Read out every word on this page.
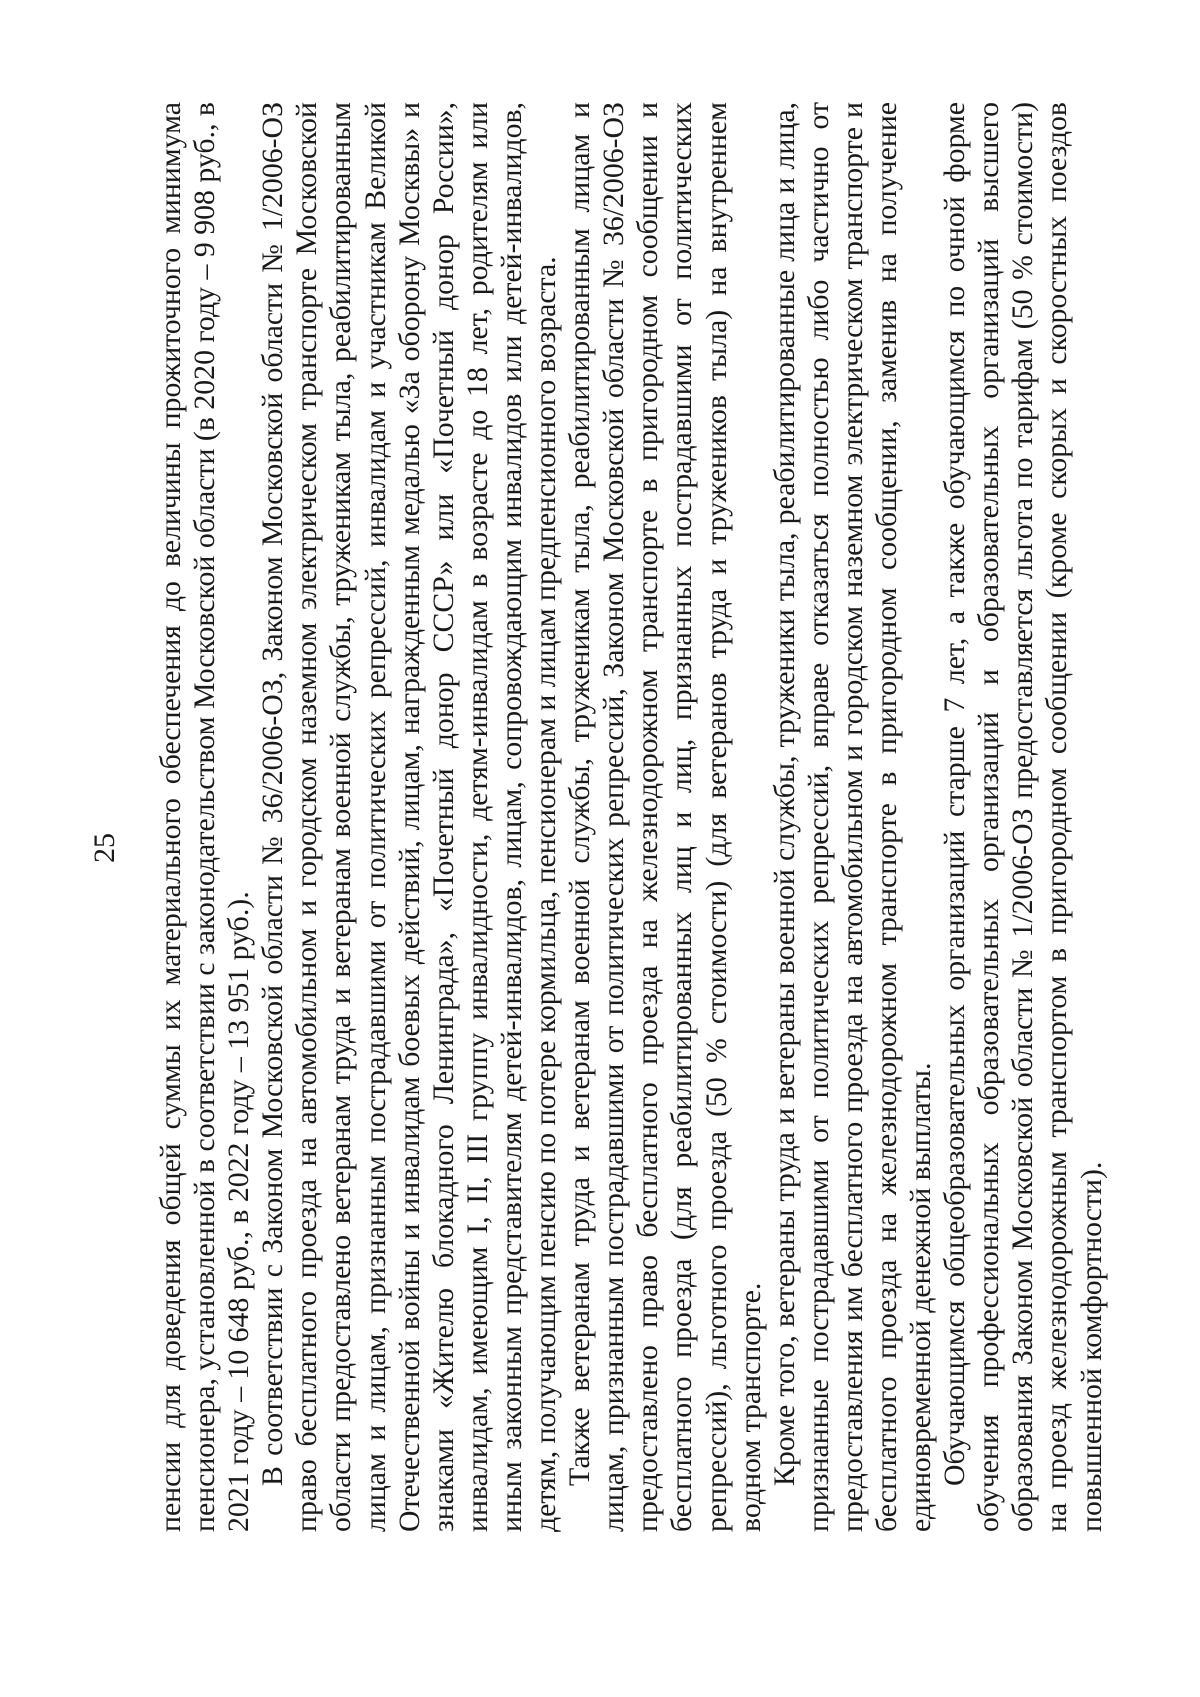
25 пенсии для доведения общей суммы их материального обеспечения до величины прожиточного минимума пенсионера, установленной в соответствии с законодательством Московской области (в 2020 году – 9 908 руб., в 2021 году – 10 648 руб., в 2022 году – 13 951 руб.). В соответствии с Законом Московской области № 36/2006-ОЗ, Законом Московской области № 1/2006-ОЗ право бесплатного проезда на автомобильном и городском наземном электрическом транспорте Московской области предоставлено ветеранам труда и ветеранам военной службы, труженикам тыла, реабилитированным лицам и лицам, признанным пострадавшими от политических репрессий, инвалидам и участникам Великой Отечественной войны и инвалидам боевых действий, лицам, награжденным медалью «За оборону Москвы» и знаками «Жителю блокадного Ленинграда», «Почетный донор СССР» или «Почетный донор России», инвалидам, имеющим I, II, III группу инвалидности, детям-инвалидам в возрасте до 18 лет, родителям или иным законным представителям детей-инвалидов, лицам, сопровождающим инвалидов или детей-инвалидов, детям, получающим пенсию по потере кормильца, пенсионерам и лицам предпенсионного возраста. Также ветеранам труда и ветеранам военной службы, труженикам тыла, реабилитированным лицам и лицам, признанным пострадавшими от политических репрессий, Законом Московской области № 36/2006-ОЗ предоставлено право бесплатного проезда на железнодорожном транспорте в пригородном сообщении и бесплатного проезда (для реабилитированных лиц и лиц, признанных пострадавшими от политических репрессий), льготного проезда (50 % стоимости) (для ветеранов труда и тружеников тыла) на внутреннем водном транспорте. Кроме того, ветераны труда и ветераны военной службы, труженики тыла, реабилитированные лица и лица, признанные пострадавшими от политических репрессий, вправе отказаться полностью либо частично от предоставления им бесплатного проезда на автомобильном и городском наземном электрическом транспорте и бесплатного проезда на железнодорожном транспорте в пригородном сообщении, заменив на получение единовременной денежной выплаты. Обучающимся общеобразовательных организаций старше 7 лет, а также обучающимся по очной форме обучения профессиональных образовательных организаций и образовательных организаций высшего образования Законом Московской области № 1/2006-ОЗ предоставляется льгота по тарифам (50 % стоимости) на проезд железнодорожным транспортом в пригородном сообщении (кроме скорых и скоростных поездов повышенной комфортности).
